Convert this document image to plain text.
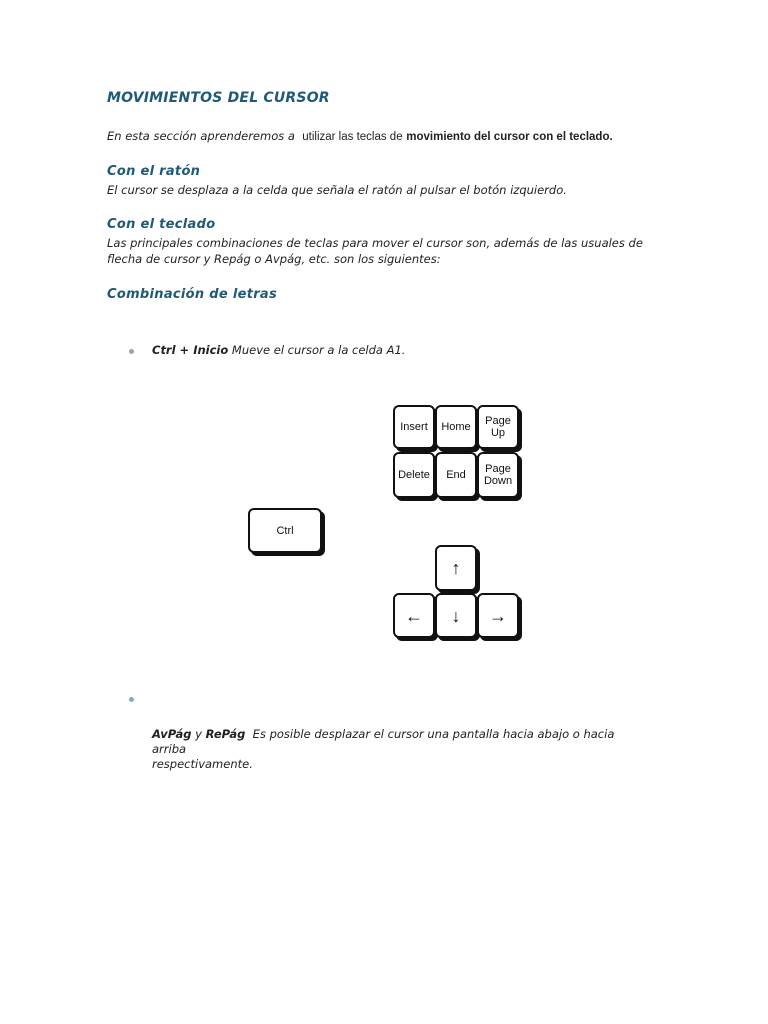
MOVIMIENTOS DEL CURSOR
En esta sección aprenderemos a utilizar las teclas de movimiento del cursor con el teclado.
Con el ratón
El cursor se desplaza a la celda que señala el ratón al pulsar el botón izquierdo.
Con el teclado
Las principales combinaciones de teclas para mover el cursor son, además de las usuales de
flecha de cursor y Repág o Avpág, etc. son los siguientes:
Combinación de letras
Ctrl + Inicio Mueve el cursor a la celda A1.
Insert Home Page
Up
Delete End Page
Down
Ctrl
↑
← ↓ →
AvPág y RePág Es posible desplazar el cursor una pantalla hacia abajo o hacia arriba
respectivamente.
